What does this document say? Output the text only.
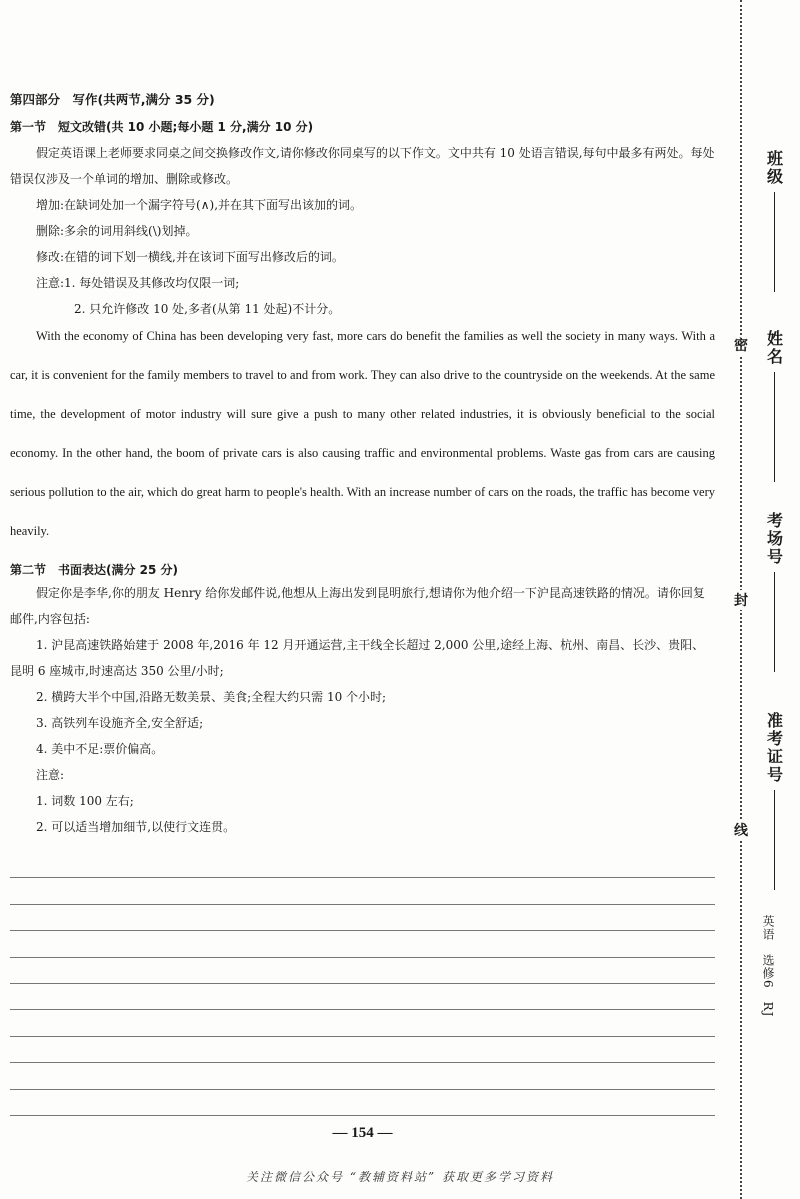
第四部分　写作(共两节,满分 35 分)
第一节　短文改错(共 10 小题;每小题 1 分,满分 10 分)

假定英语课上老师要求同桌之间交换修改作文,请你修改你同桌写的以下作文。文中共有 10 处语言错误,每句中最多有两处。每处错误仅涉及一个单词的增加、删除或修改。

增加:在缺词处加一个漏字符号(∧),并在其下面写出该加的词。

删除:多余的词用斜线(\)划掉。

修改:在错的词下划一横线,并在该词下面写出修改后的词。

注意:1. 每处错误及其修改均仅限一词;

2. 只允许修改 10 处,多者(从第 11 处起)不计分。

With the economy of China has been developing very fast, more cars do benefit the families as well the society in many ways. With a car, it is convenient for the family members to travel to and from work. They can also drive to the countryside on the weekends. At the same time, the development of motor industry will sure give a push to many other related industries, it is obviously beneficial to the social economy. In the other hand, the boom of private cars is also causing traffic and environmental problems. Waste gas from cars are causing serious pollution to the air, which do great harm to people's health. With an increase number of cars on the roads, the traffic has become very heavily.

第二节　书面表达(满分 25 分)

假定你是李华,你的朋友 Henry 给你发邮件说,他想从上海出发到昆明旅行,想请你为他介绍一下沪昆高速铁路的情况。请你回复邮件,内容包括:

1. 沪昆高速铁路始建于 2008 年,2016 年 12 月开通运营,主干线全长超过 2,000 公里,途经上海、杭州、南昌、长沙、贵阳、昆明 6 座城市,时速高达 350 公里/小时;

2. 横跨大半个中国,沿路无数美景、美食;全程大约只需 10 个小时;

3. 高铁列车设施齐全,安全舒适;

4. 美中不足:票价偏高。

注意:

1. 词数 100 左右;

2. 可以适当增加细节,以使行文连贯。

— 154 —
关注微信公众号 “教辅资料站” 获取更多学习资料
密
封
线
班级
姓名
考场号
准考证号
英语　选修6　RJ
